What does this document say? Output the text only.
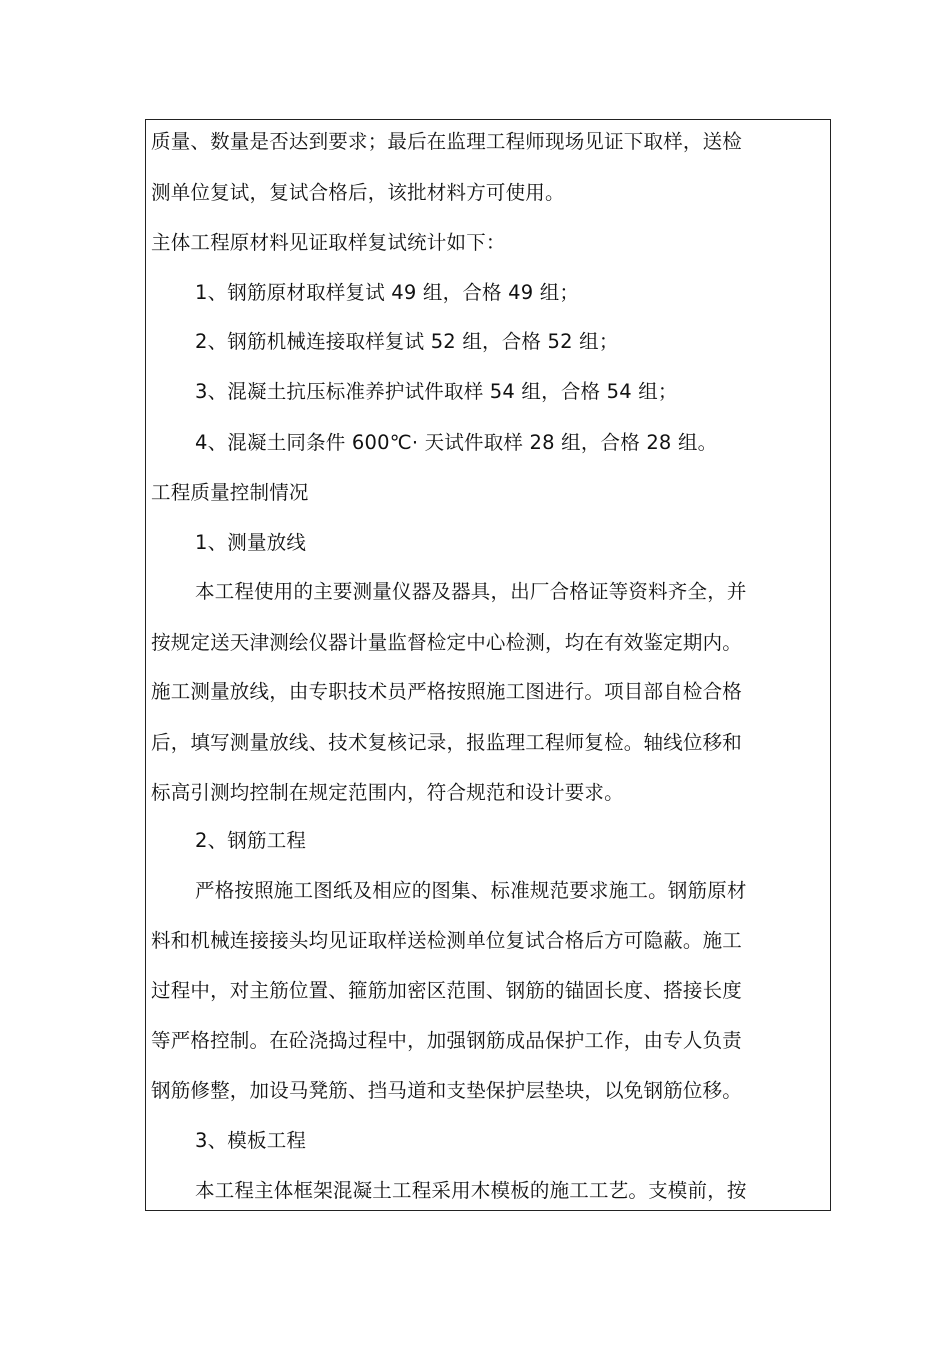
质量、数量是否达到要求；最后在监理工程师现场见证下取样，送检
测单位复试，复试合格后，该批材料方可使用。
主体工程原材料见证取样复试统计如下：
1、钢筋原材取样复试 49 组，合格 49 组；
2、钢筋机械连接取样复试 52 组，合格 52 组；
3、混凝土抗压标准养护试件取样 54 组，合格 54 组；
4、混凝土同条件 600℃· 天试件取样 28 组，合格 28 组。
工程质量控制情况
1、测量放线
本工程使用的主要测量仪器及器具，出厂合格证等资料齐全，并
按规定送天津测绘仪器计量监督检定中心检测，均在有效鉴定期内。
施工测量放线，由专职技术员严格按照施工图进行。项目部自检合格
后，填写测量放线、技术复核记录，报监理工程师复检。轴线位移和
标高引测均控制在规定范围内，符合规范和设计要求。
2、钢筋工程
严格按照施工图纸及相应的图集、标准规范要求施工。钢筋原材
料和机械连接接头均见证取样送检测单位复试合格后方可隐蔽。施工
过程中，对主筋位置、箍筋加密区范围、钢筋的锚固长度、搭接长度
等严格控制。在砼浇捣过程中，加强钢筋成品保护工作，由专人负责
钢筋修整，加设马凳筋、挡马道和支垫保护层垫块，以免钢筋位移。
3、模板工程
本工程主体框架混凝土工程采用木模板的施工工艺。支模前，按
